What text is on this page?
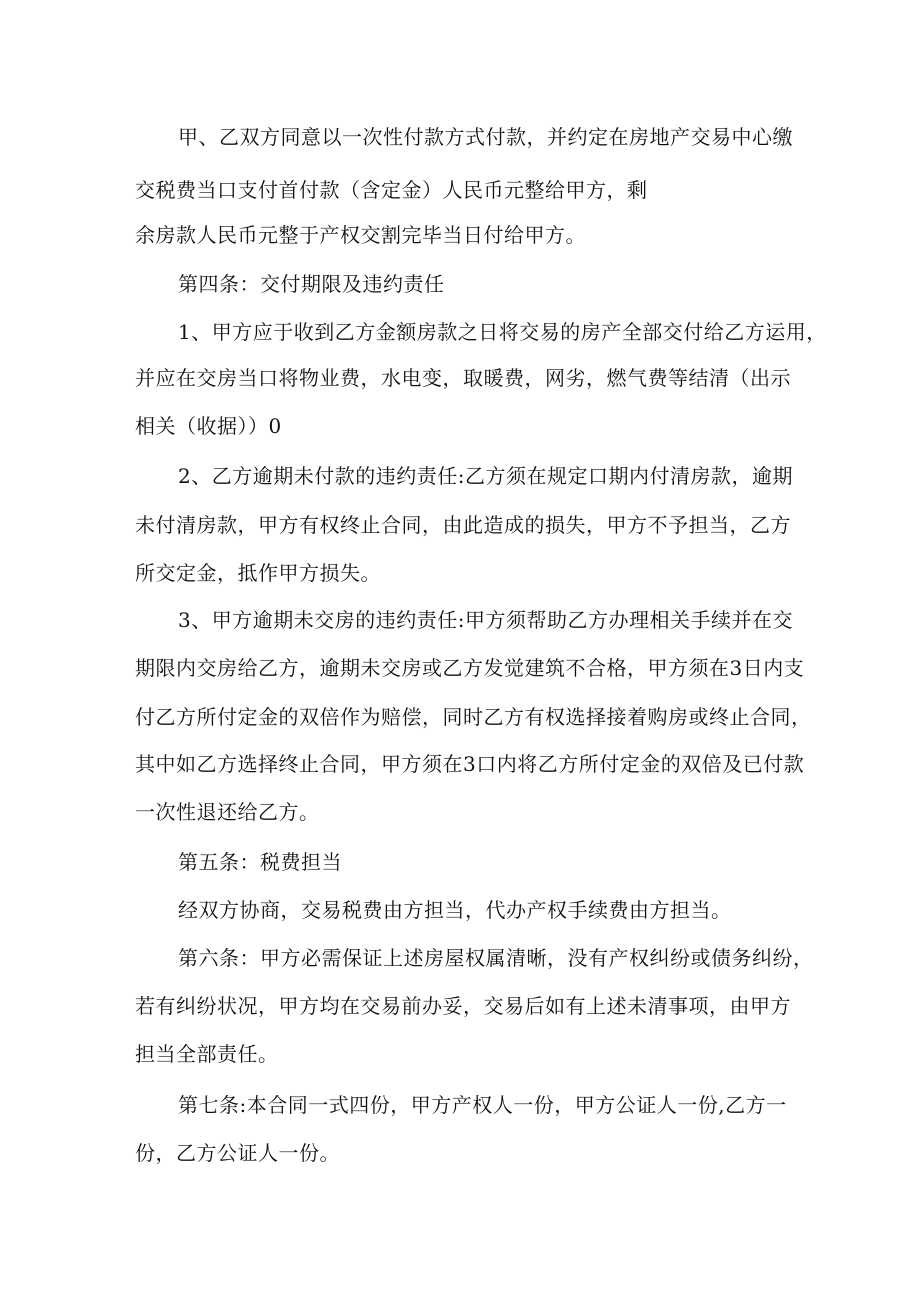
甲、乙双方同意以一次性付款方式付款，并约定在房地产交易中心缴
交税费当口支付首付款（含定金）人民币元整给甲方，剩
余房款人民币元整于产权交割完毕当日付给甲方。
第四条：交付期限及违约责任
1、甲方应于收到乙方金额房款之日将交易的房产全部交付给乙方运用，
并应在交房当口将物业费，水电变，取暖费，网劣，燃气费等结清（出示
相关（收据））0
2、乙方逾期未付款的违约责任:乙方须在规定口期内付清房款，逾期
未付清房款，甲方有权终止合同，由此造成的损失，甲方不予担当，乙方
所交定金，抵作甲方损失。
3、甲方逾期未交房的违约责任:甲方须帮助乙方办理相关手续并在交
期限内交房给乙方，逾期未交房或乙方发觉建筑不合格，甲方须在3日内支
付乙方所付定金的双倍作为赔偿，同时乙方有权选择接着购房或终止合同，
其中如乙方选择终止合同，甲方须在3口内将乙方所付定金的双倍及已付款
一次性退还给乙方。
第五条：税费担当
经双方协商，交易税费由方担当，代办产权手续费由方担当。
第六条：甲方必需保证上述房屋权属清晰，没有产权纠纷或债务纠纷，
若有纠纷状况，甲方均在交易前办妥，交易后如有上述未清事项，由甲方
担当全部责任。
第七条:本合同一式四份，甲方产权人一份，甲方公证人一份,乙方一
份，乙方公证人一份。
